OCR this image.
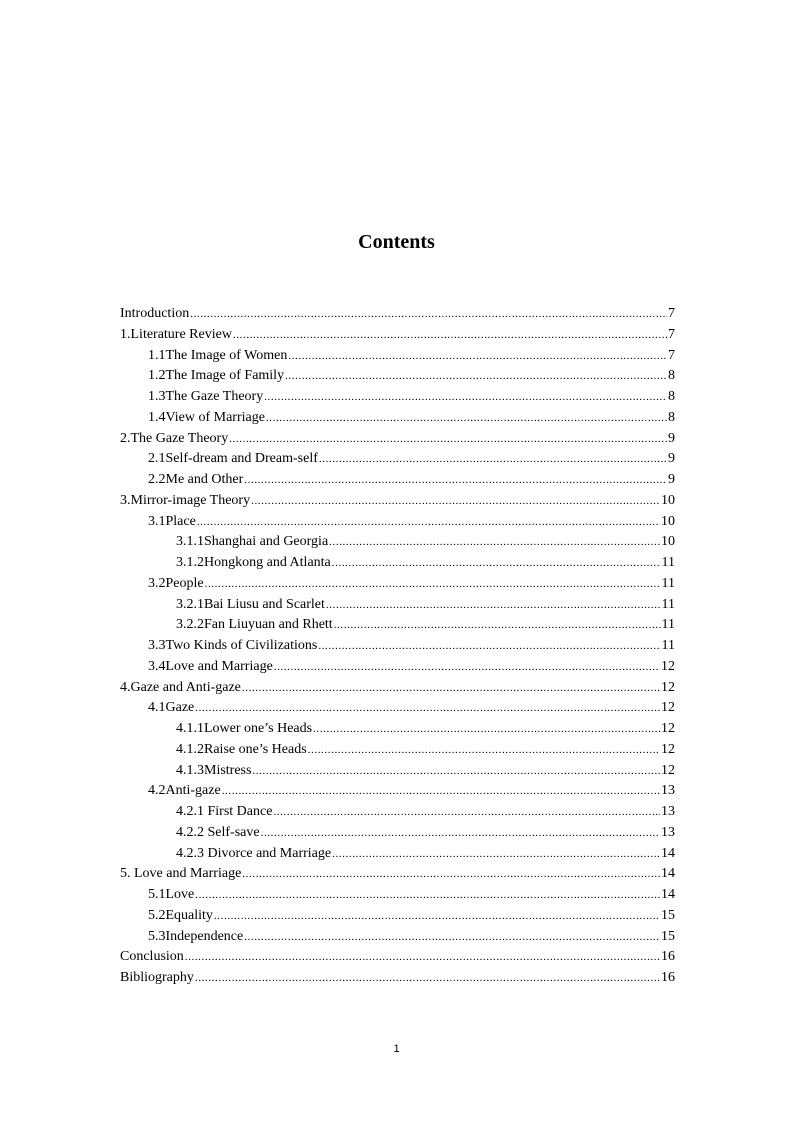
Contents
Introduction .....	7
1.Literature Review .....	7
1.1The Image of Women .....	7
1.2The Image of Family .....	8
1.3The Gaze Theory .....	8
1.4View of Marriage .....	8
2.The Gaze Theory .....	9
2.1Self-dream and Dream-self .....	9
2.2Me and Other .....	9
3.Mirror-image Theory .....	10
3.1Place .....	10
3.1.1Shanghai and Georgia .....	10
3.1.2Hongkong and Atlanta .....	11
3.2People .....	11
3.2.1Bai Liusu and Scarlet .....	11
3.2.2Fan Liuyuan and Rhett .....	11
3.3Two Kinds of Civilizations .....	11
3.4Love and Marriage .....	12
4.Gaze and Anti-gaze .....	12
4.1Gaze .....	12
4.1.1Lower one’s Heads .....	12
4.1.2Raise one’s Heads .....	12
4.1.3Mistress .....	12
4.2Anti-gaze .....	13
4.2.1 First Dance .....	13
4.2.2 Self-save .....	13
4.2.3 Divorce and Marriage .....	14
5. Love and Marriage .....	14
5.1Love .....	14
5.2Equality .....	15
5.3Independence .....	15
Conclusion .....	16
Bibliography .....	16
1
